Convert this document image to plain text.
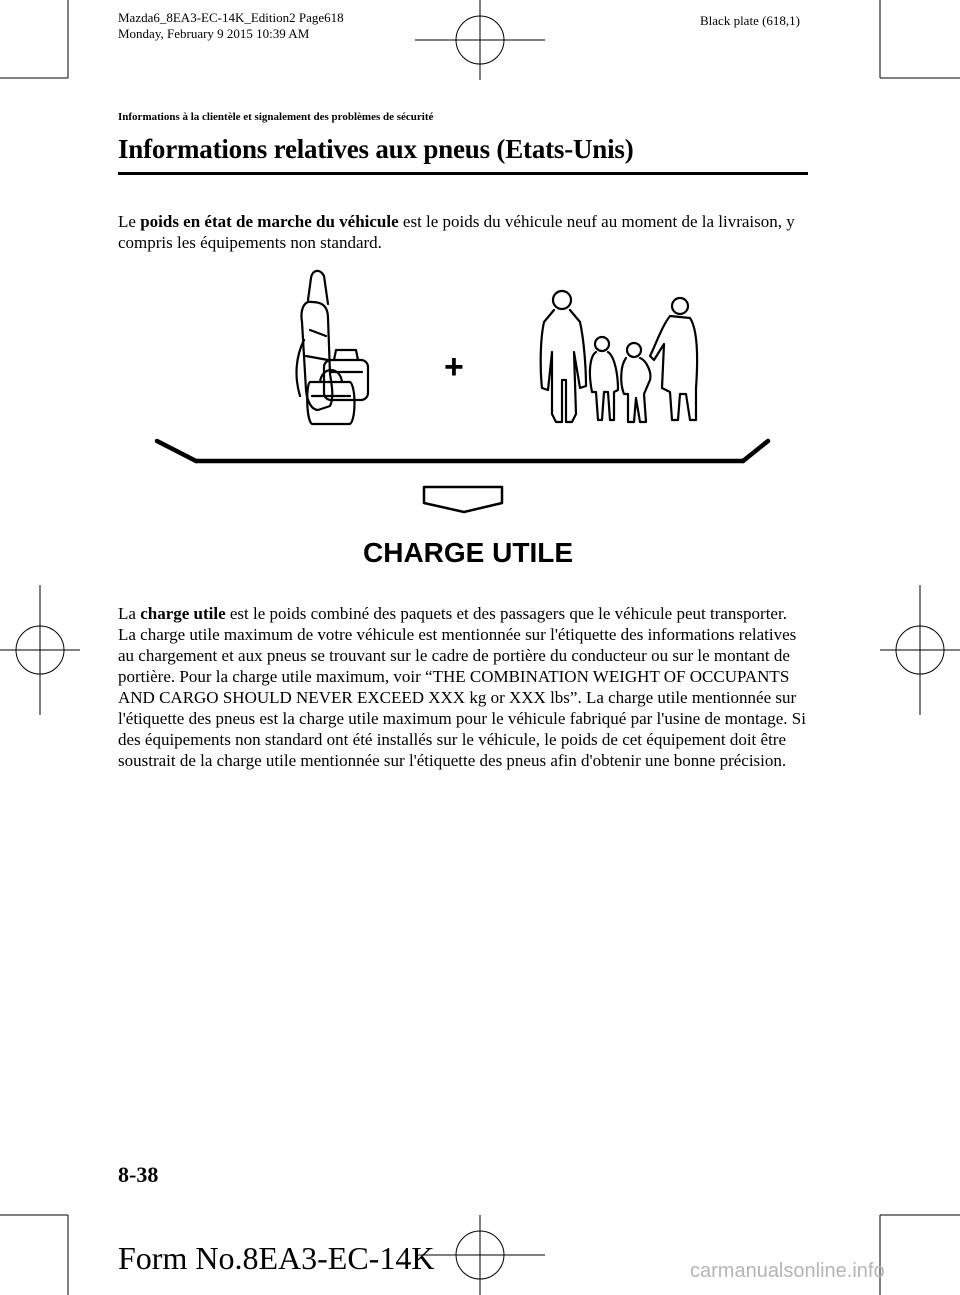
Mazda6_8EA3-EC-14K_Edition2 Page618
Monday, February 9 2015 10:39 AM
Black plate (618,1)
Informations à la clientèle et signalement des problèmes de sécurité
Informations relatives aux pneus (Etats-Unis)
Le poids en état de marche du véhicule est le poids du véhicule neuf au moment de la livraison, y compris les équipements non standard.
+
CHARGE UTILE
La charge utile est le poids combiné des paquets et des passagers que le véhicule peut transporter. La charge utile maximum de votre véhicule est mentionnée sur l'étiquette des informations relatives au chargement et aux pneus se trouvant sur le cadre de portière du conducteur ou sur le montant de portière. Pour la charge utile maximum, voir “THE COMBINATION WEIGHT OF OCCUPANTS AND CARGO SHOULD NEVER EXCEED XXX kg or XXX lbs”. La charge utile mentionnée sur l'étiquette des pneus est la charge utile maximum pour le véhicule fabriqué par l'usine de montage. Si des équipements non standard ont été installés sur le véhicule, le poids de cet équipement doit être soustrait de la charge utile mentionnée sur l'étiquette des pneus afin d'obtenir une bonne précision.
8-38
Form No.8EA3-EC-14K	carmanualsonline.info
